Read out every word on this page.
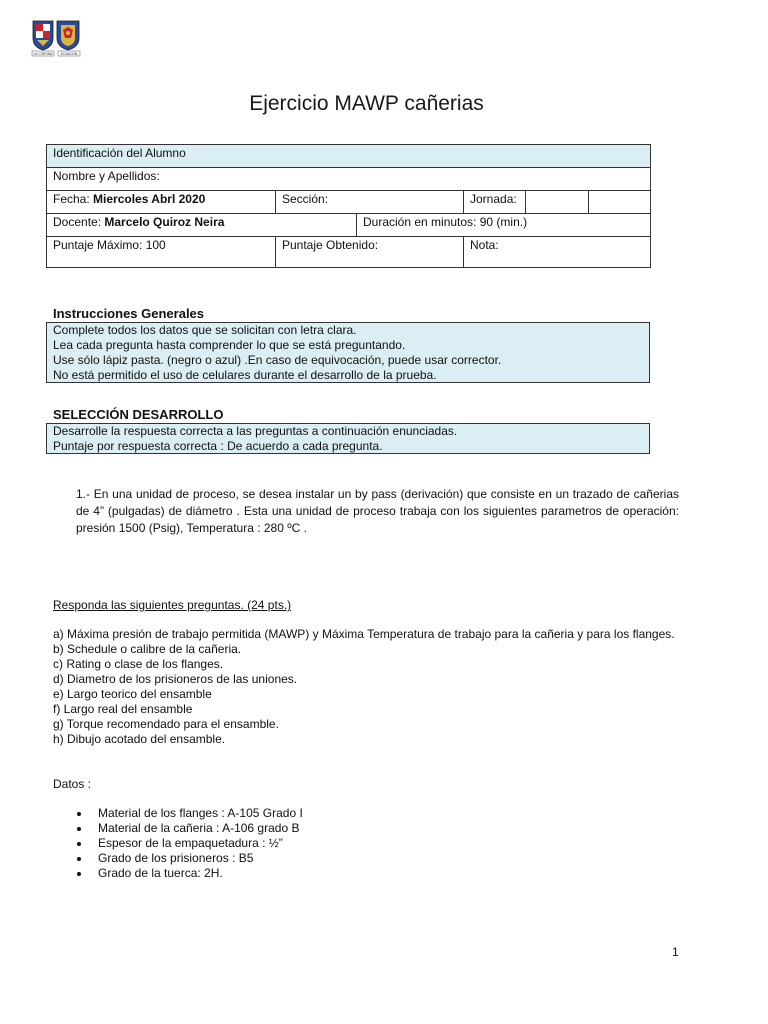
LA CORONA	ECUACION
Ejercicio MAWP cañerias
Identificación del Alumno					
Nombre y Apellidos:					
Fecha: Miercoles Abrl 2020	Sección:		Jornada:		
Docente: Marcelo Quiroz Neira		Duración en minutos: 90 (min.)			
Puntaje Máximo: 100	Puntaje Obtenido:		Nota:		
Instrucciones Generales
Complete todos los datos que se solicitan con letra clara.
Lea cada pregunta hasta comprender lo que se está preguntando.
Use sólo lápiz pasta. (negro o azul) .En caso de equivocación, puede usar corrector.
No está permitido el uso de celulares durante el desarrollo de la prueba.
SELECCIÓN DESARROLLO
Desarrolle la respuesta correcta a las preguntas a continuación enunciadas.
Puntaje por respuesta correcta : De acuerdo a cada pregunta.

1.- En una unidad de proceso, se desea instalar un by pass (derivación) que consiste en un trazado de cañerias de 4” (pulgadas) de diámetro . Esta una unidad de proceso trabaja con los siguientes parametros de operación: presión 1500 (Psig), Temperatura : 280 ºC .

Responda las siguientes preguntas. (24 pts.)
a) Máxima presión de trabajo permitida (MAWP) y Máxima Temperatura de trabajo para la cañeria y para los flanges.
b) Schedule o calibre de la cañeria.
c) Rating o clase de los flanges.
d) Diametro de los prisioneros de las uniones.
e) Largo teorico del ensamble
f) Largo real del ensamble
g) Torque recomendado para el ensamble.
h) Dibujo acotado del ensamble.
Datos :
Material de los flanges : A-105 Grado I
Material de la cañeria : A-106 grado B
Espesor de la empaquetadura : ½”
Grado de los prisioneros : B5
Grado de la tuerca: 2H.
1
